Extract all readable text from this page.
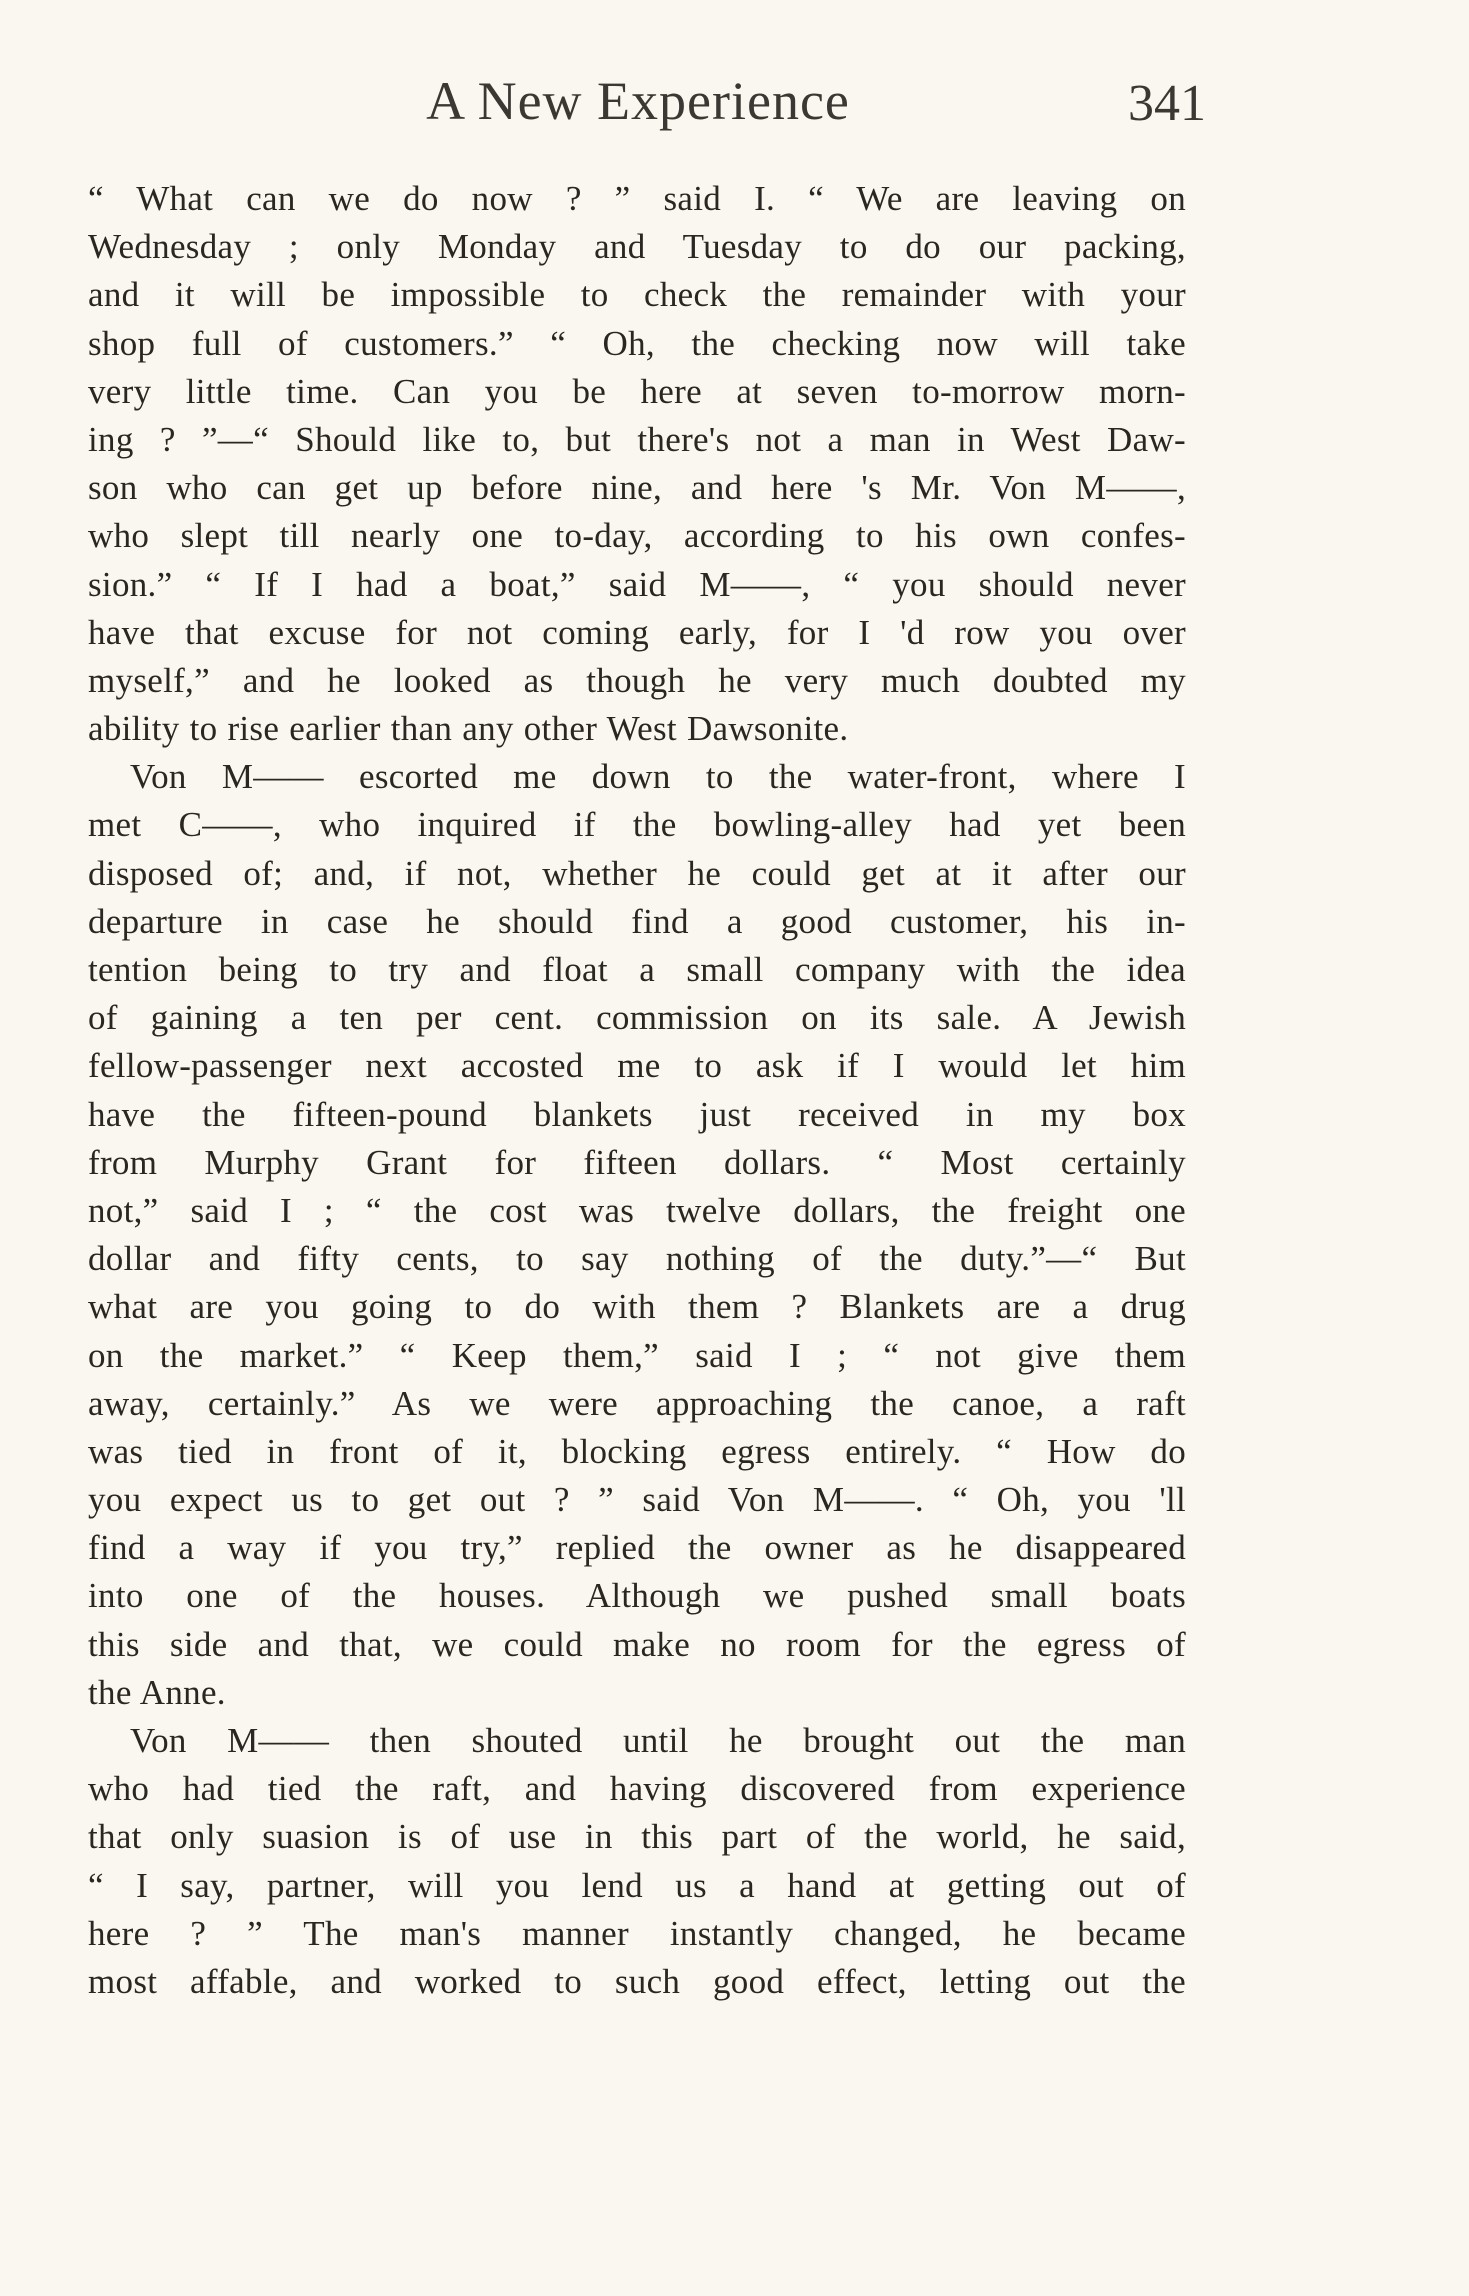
A New Experience	341
“ What can we do now ? ” said I. “ We are leaving on
Wednesday ; only Monday and Tuesday to do our packing,
and it will be impossible to check the remainder with your
shop full of customers.” “ Oh, the checking now will take
very little time. Can you be here at seven to-morrow morn-
ing ? ”—“ Should like to, but there's not a man in West Daw-
son who can get up before nine, and here 's Mr. Von M——,
who slept till nearly one to-day, according to his own confes-
sion.” “ If I had a boat,” said M——, “ you should never
have that excuse for not coming early, for I 'd row you over
myself,” and he looked as though he very much doubted my
ability to rise earlier than any other West Dawsonite.
Von M—— escorted me down to the water-front, where I
met C——, who inquired if the bowling-alley had yet been
disposed of; and, if not, whether he could get at it after our
departure in case he should find a good customer, his in-
tention being to try and float a small company with the idea
of gaining a ten per cent. commission on its sale. A Jewish
fellow-passenger next accosted me to ask if I would let him
have the fifteen-pound blankets just received in my box
from Murphy Grant for fifteen dollars. “ Most certainly
not,” said I ; “ the cost was twelve dollars, the freight one
dollar and fifty cents, to say nothing of the duty.”—“ But
what are you going to do with them ? Blankets are a drug
on the market.” “ Keep them,” said I ; “ not give them
away, certainly.” As we were approaching the canoe, a raft
was tied in front of it, blocking egress entirely. “ How do
you expect us to get out ? ” said Von M——. “ Oh, you 'll
find a way if you try,” replied the owner as he disappeared
into one of the houses. Although we pushed small boats
this side and that, we could make no room for the egress of
the Anne.
Von M—— then shouted until he brought out the man
who had tied the raft, and having discovered from experience
that only suasion is of use in this part of the world, he said,
“ I say, partner, will you lend us a hand at getting out of
here ? ” The man's manner instantly changed, he became
most affable, and worked to such good effect, letting out the
